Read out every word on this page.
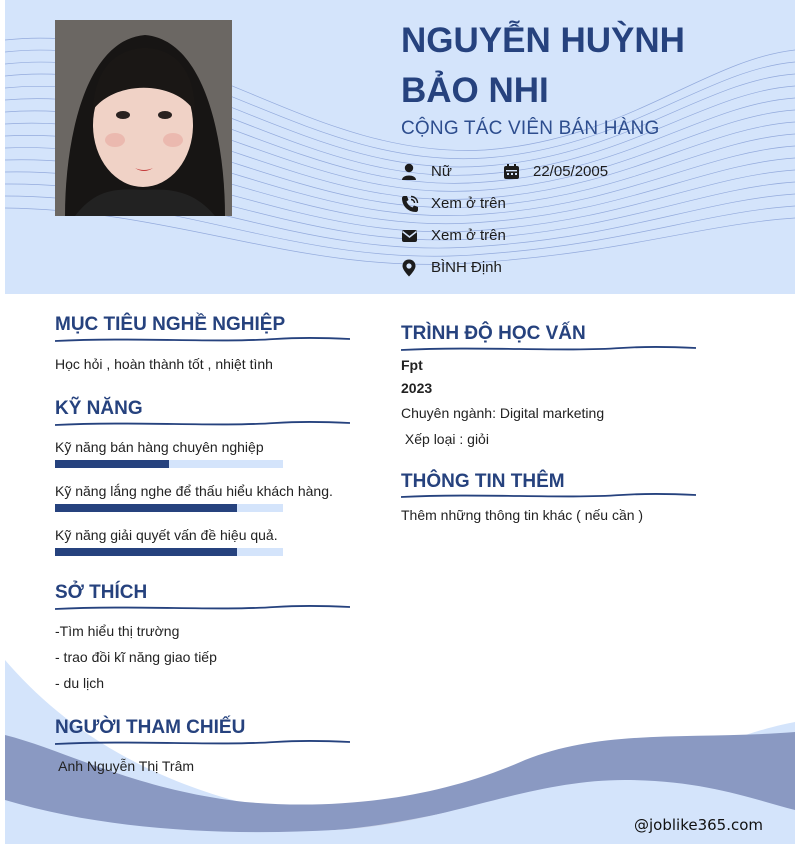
NGUYỄN HUỲNH BẢO NHI
CỘNG TÁC VIÊN BÁN HÀNG
Nữ	22/05/2005
Xem ở trên
Xem ở trên
BÌNH Định
MỤC TIÊU NGHỀ NGHIỆP
Học hỏi , hoàn thành tốt , nhiệt tình
KỸ NĂNG
Kỹ năng bán hàng chuyên nghiệp
Kỹ năng lắng nghe để thấu hiểu khách hàng.
Kỹ năng giải quyết vấn đề hiệu quả.
SỞ THÍCH
-Tìm hiểu thị trường
- trao đồi kĩ năng giao tiếp
- du lịch
NGƯỜI THAM CHIẾU
Anh Nguyễn Thị Trâm
TRÌNH ĐỘ HỌC VẤN
Fpt
2023
Chuyên ngành: Digital marketing
Xếp loại : giỏi
THÔNG TIN THÊM
Thêm những thông tin khác ( nếu cần )
@joblike365.com
